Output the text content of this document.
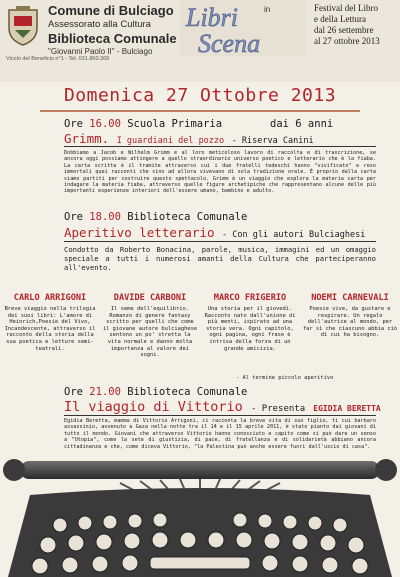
Comune di Bulciago
Assessorato alla Cultura
Biblioteca Comunale
"Giovanni Paolo II" - Bulciago
Vicolo del Beneficio n°1 - Tel. 031.860.368
Libri	in
Scena
Festival del Libro
e della Lettura
dal 26 settembre
al 27 ottobre 2013
Domenica 27 Ottobre 2013
Ore 16.00 Scuola Primaria	dai 6 anni
Grimm. I guardiani del pozzo - Riserva Canini
Dobbiamo a Jacob e Wilhelm Grimm e al loro meticoloso lavoro di raccolta e di trascrizione, se ancora oggi possiamo attingere a quello straordinario universo poetico e letterario che è la fiaba. La carta scritta è il tramite attraverso cui i due fratelli tedeschi hanno "vivificato" e reso immortali quei racconti che sino ad allora vivevano di sola tradizione orale. È proprio dalla carta siamo partiti per costruire questo spettacolo. Grimm è un viaggio che esplora la materia carta per indagare la materia fiaba, attraverso quelle figure archetipiche che rappresentano alcune delle più importanti esperienze interiori dell'essere umano, bambino e adulto.
Ore 18.00 Biblioteca Comunale
Aperitivo letterario - Con gli autori Bulciaghesi
Condotto da Roberto Bonacina, parole, musica, immagini ed un omaggio speciale a tutti i numerosi amanti della Cultura che parteciperanno all'evento.
CARLO ARRIGONI
Breve viaggio nella trilogia dei suoi libri: L'amore di Heinrich,Poesie del Vivo, Incandescente, attraverso il racconto della storia della sua poetica e letture semi-teatrali.
DAVIDE CARBONI
Il seme dell'equilibrio. Romanzo di genere fantasy scritto per quelli che come il giovane autore bulciaghese sentono un po' stretta la vita normale e danno molta importanza al valore dei sogni.
MARCO FRIGERIO
Una storia per il giovedì. Racconto nato dall'unione di più menti, ispirato ad una storia vera. Ogni capitolo, ogni pagina, ogni frase è intrisa della forza di un grande amicizia.
NOEMI CARNEVALI
Poesie vive, da gustare e respirare. Un regalo dell'autrice al mondo, per far sì che ciascuno abbia ciò di cui ha bisogno.
- Al termine piccolo aperitivo
Ore 21.00 Biblioteca Comunale
Il viaggio di Vittorio - Presenta EGIDIA BERETTA
Egidia Beretta, mamma di Vittorio Arrigoni, ci racconta la breve vita di suo figlio, ti cui barbaro assassinio, avvenuto a Gaza nella notte tra il 14 e il 15 aprile 2011, è stato pianto dai giovani di tutto il mondo. Giovani che attraverso Vittorio hanno conosciuto e capito come si può dare un senso a "Utopia", come la sete di giustizia, di pace, di fratellanza e di solidarietà abbiano ancora cittadinanza e che, come diceva Vittorio, "la Palestina può anche essere fuori dall'uscio di casa".
n1.co
